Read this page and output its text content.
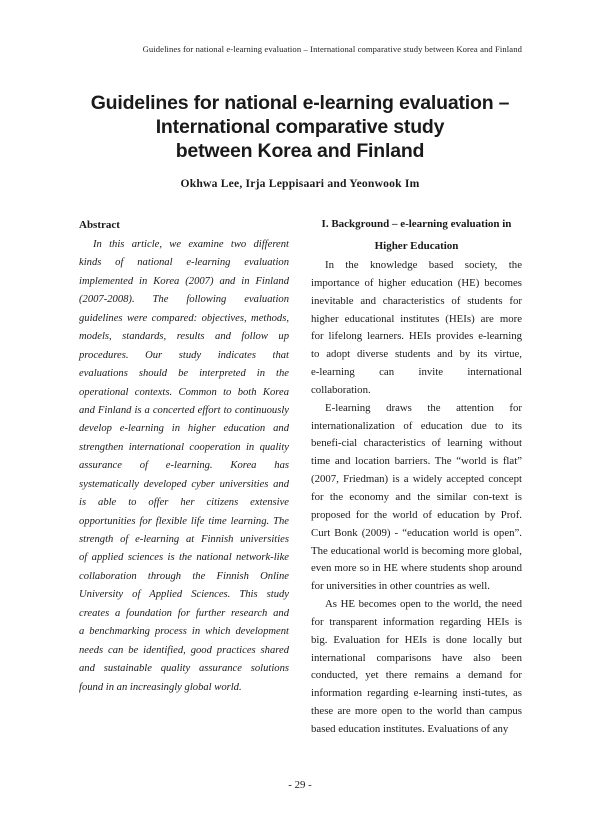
Guidelines for national e-learning evaluation – International comparative study between Korea and Finland
Guidelines for national e-learning evaluation –
International comparative study
between Korea and Finland
Okhwa Lee, Irja Leppisaari and Yeonwook Im
Abstract
In this article, we examine two different
kinds of national e-learning evaluation
implemented in Korea (2007) and in Finland
(2007-2008). The following evaluation
guidelines were compared: objectives, methods,
models, standards, results and follow up
procedures. Our study indicates that
evaluations should be interpreted in the
operational contexts. Common to both Korea
and Finland is a concerted effort to continuously
develop e-learning in higher education and
strengthen international cooperation in quality
assurance of e-learning. Korea has
systematically developed cyber universities and
is able to offer her citizens extensive
opportunities for flexible life time learning. The
strength of e-learning at Finnish universities
of applied sciences is the national network-like
collaboration through the Finnish Online
University of Applied Sciences. This study
creates a foundation for further research and
a benchmarking process in which development
needs can be identified, good practices shared
and sustainable quality assurance solutions
found in an increasingly global world.
I. Background – e-learning evaluation in
Higher Education
In the knowledge based society, the
importance of higher education (HE) becomes
inevitable and characteristics of students for
higher educational institutes (HEIs) are more
for lifelong learners. HEIs provides e-learning
to adopt diverse students and by its virtue,
e-learning can invite international
collaboration.
E-learning draws the attention for
internationalization of education due to its
benefi-cial characteristics of learning without
time and location barriers. The “world is flat”
(2007, Friedman) is a widely accepted concept
for the economy and the similar con-text is
proposed for the world of education by Prof.
Curt Bonk (2009) - “education world is open”.
The educational world is becoming more global,
even more so in HE where students shop around
for universities in other countries as well.
As HE becomes open to the world, the need
for transparent information regarding HEIs is
big. Evaluation for HEIs is done locally but
international comparisons have also been
conducted, yet there remains a demand for
information regarding e-learning insti-tutes, as
these are more open to the world than campus
based education institutes. Evaluations of any
- 29 -
